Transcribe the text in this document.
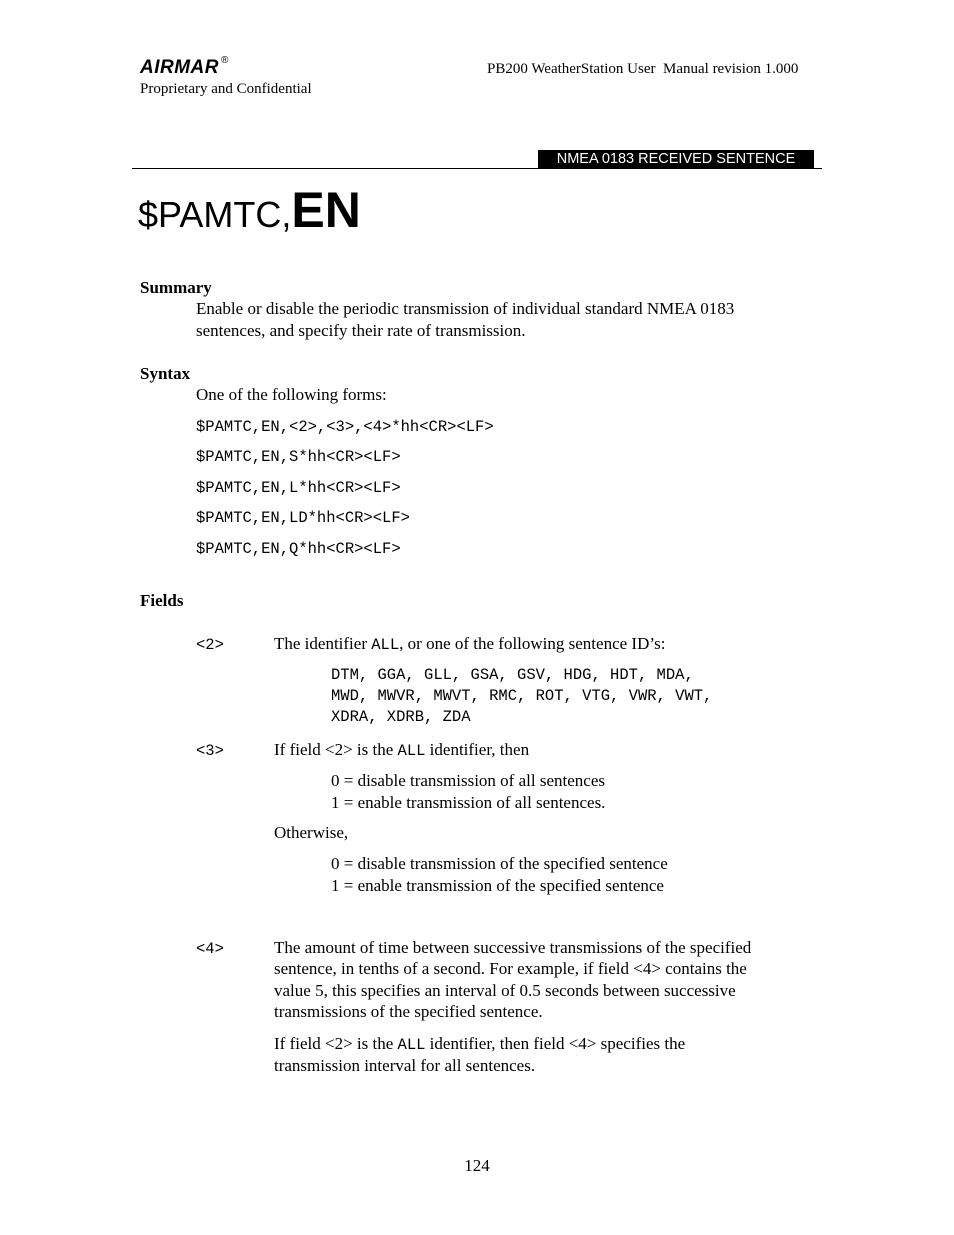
AIRMAR ®
Proprietary and Confidential
PB200 WeatherStation User  Manual revision 1.000
NMEA 0183 RECEIVED SENTENCE
$PAMTC,EN
Summary
Enable or disable the periodic transmission of individual standard NMEA 0183
sentences, and specify their rate of transmission.
Syntax
One of the following forms:
$PAMTC,EN,<2>,<3>,<4>*hh<CR><LF>
$PAMTC,EN,S*hh<CR><LF>
$PAMTC,EN,L*hh<CR><LF>
$PAMTC,EN,LD*hh<CR><LF>
$PAMTC,EN,Q*hh<CR><LF>
Fields
<2>	The identifier ALL, or one of the following sentence ID’s:
DTM, GGA, GLL, GSA, GSV, HDG, HDT, MDA,
MWD, MWVR, MWVT, RMC, ROT, VTG, VWR, VWT,
XDRA, XDRB, ZDA
<3>	If field <2> is the ALL identifier, then
0 = disable transmission of all sentences
1 = enable transmission of all sentences.
Otherwise,
0 = disable transmission of the specified sentence
1 = enable transmission of the specified sentence
<4>	The amount of time between successive transmissions of the specified
sentence, in tenths of a second. For example, if field <4> contains the
value 5, this specifies an interval of 0.5 seconds between successive
transmissions of the specified sentence.
If field <2> is the ALL identifier, then field <4> specifies the
transmission interval for all sentences.
124
